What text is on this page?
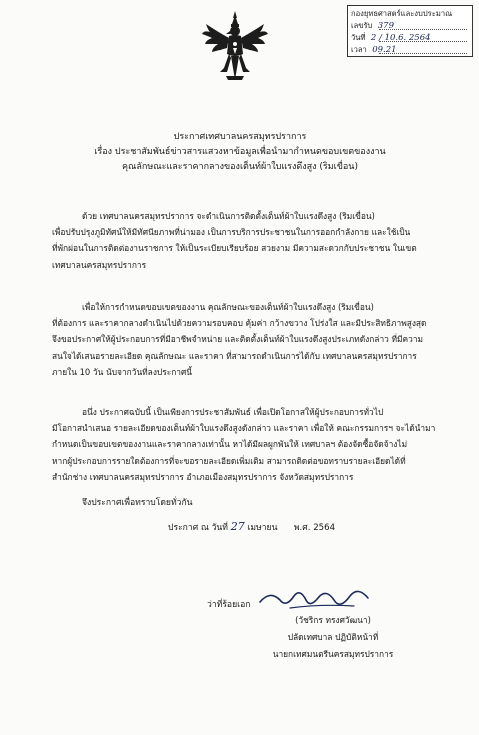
กองยุทธศาสตร์และงบประมาณ
เลขรับ 379
วันที่ 2 / 10.6. 2564
เวลา 09.21
ประกาศเทศบาลนครสมุทรปราการ
เรื่อง ประชาสัมพันธ์ข่าวสารแสวงหาข้อมูลเพื่อนำมากำหนดขอบเขตของงาน
คุณลักษณะและราคากลางของเต็นท์ผ้าใบแรงดึงสูง (ริมเขื่อน)
ด้วย เทศบาลนครสมุทรปราการ จะดำเนินการติดตั้งเต็นท์ผ้าใบแรงดึงสูง (ริมเขื่อน)
เพื่อปรับปรุงภูมิทัศน์ให้มีทัศนียภาพที่น่ามอง เป็นการบริการประชาชนในการออกกำลังกาย และใช้เป็น
ที่พักผ่อนในการติดต่องานราชการ ให้เป็นระเบียบเรียบร้อย สวยงาม มีความสะดวกกับประชาชน ในเขต
เทศบาลนครสมุทรปราการ
เพื่อให้การกำหนดขอบเขตของงาน คุณลักษณะของเต็นท์ผ้าใบแรงดึงสูง (ริมเขื่อน)
ที่ต้องการ และราคากลางดำเนินไปด้วยความรอบคอบ คุ้มค่า กว้างขวาง โปร่งใส และมีประสิทธิภาพสูงสุด
จึงขอประกาศให้ผู้ประกอบการที่มีอาชีพจำหน่าย และติดตั้งเต็นท์ผ้าใบแรงดึงสูงประเภทดังกล่าว ที่มีความ
สนใจได้เสนอรายละเอียด คุณลักษณะ และราคา ที่สามารถดำเนินการได้กับ เทศบาลนครสมุทรปราการ
ภายใน 10 วัน นับจากวันที่ลงประกาศนี้
อนึ่ง ประกาศฉบับนี้ เป็นเพียงการประชาสัมพันธ์ เพื่อเปิดโอกาสให้ผู้ประกอบการทั่วไป
มีโอกาสนำเสนอ รายละเอียดของเต็นท์ผ้าใบแรงดึงสูงดังกล่าว และราคา เพื่อให้ คณะกรรมการฯ จะได้นำมา
กำหนดเป็นขอบเขตของงานและราคากลางเท่านั้น หาได้มีผลผูกพันให้ เทศบาลฯ ต้องจัดซื้อจัดจ้างไม่
หากผู้ประกอบการรายใดต้องการที่จะขอรายละเอียดเพิ่มเติม สามารถติดต่อขอทราบรายละเอียดได้ที่
สำนักช่าง เทศบาลนครสมุทรปราการ อำเภอเมืองสมุทรปราการ จังหวัดสมุทรปราการ
จึงประกาศเพื่อทราบโดยทั่วกัน
ประกาศ ณ วันที่ 27 เมษายน พ.ศ. 2564
ว่าที่ร้อยเอก
(วัชริกร ทรงศวัฒนา)
ปลัดเทศบาล ปฏิบัติหน้าที่
นายกเทศมนตรีนครสมุทรปราการ
